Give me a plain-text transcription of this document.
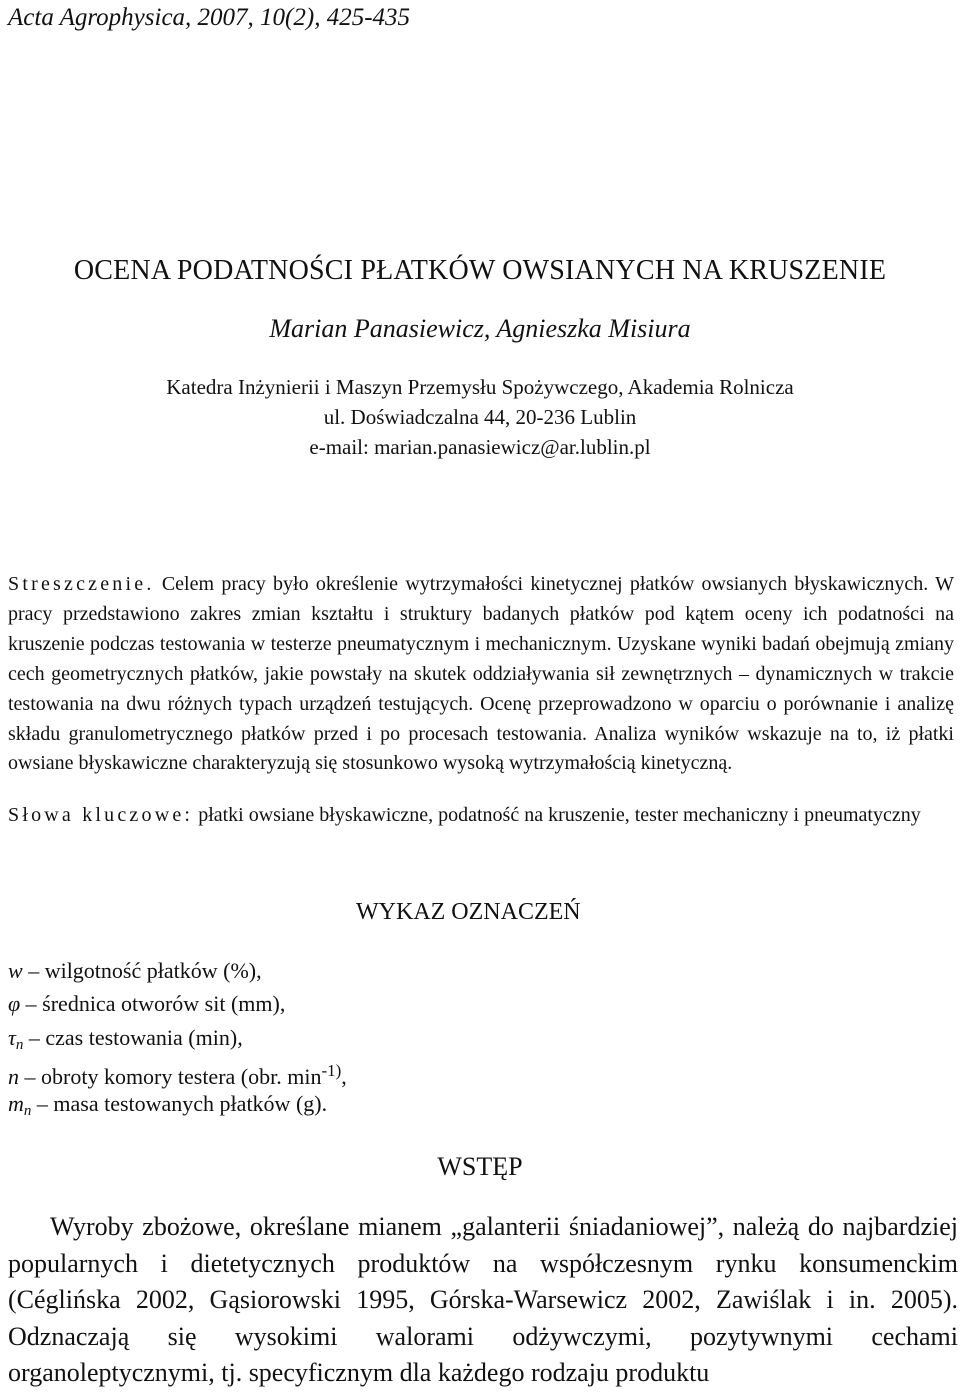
Acta Agrophysica, 2007, 10(2), 425-435
OCENA PODATNOŚCI PŁATKÓW OWSIANYCH NA KRUSZENIE
Marian Panasiewicz, Agnieszka Misiura
Katedra Inżynierii i Maszyn Przemysłu Spożywczego, Akademia Rolnicza
ul. Doświadczalna 44, 20-236 Lublin
e-mail: marian.panasiewicz@ar.lublin.pl
Streszczenie. Celem pracy było określenie wytrzymałości kinetycznej płatków owsianych błyskawicznych. W pracy przedstawiono zakres zmian kształtu i struktury badanych płatków pod kątem oceny ich podatności na kruszenie podczas testowania w testerze pneumatycznym i mechanicznym. Uzyskane wyniki badań obejmują zmiany cech geometrycznych płatków, jakie powstały na skutek oddziaływania sił zewnętrznych – dynamicznych w trakcie testowania na dwu różnych typach urządzeń testujących. Ocenę przeprowadzono w oparciu o porównanie i analizę składu granulometrycznego płatków przed i po procesach testowania. Analiza wyników wskazuje na to, iż płatki owsiane błyskawiczne charakteryzują się stosunkowo wysoką wytrzymałością kinetyczną.
Słowa kluczowe: płatki owsiane błyskawiczne, podatność na kruszenie, tester mechaniczny i pneumatyczny
WYKAZ OZNACZEŃ
w – wilgotność płatków (%),
φ – średnica otworów sit (mm),
$\tau_n$ – czas testowania (min),
n – obroty komory testera (obr. $\min^{-1)}$,
$m_n$ – masa testowanych płatków (g).
WSTĘP

Wyroby zbożowe, określane mianem „galanterii śniadaniowej”, należą do najbardziej popularnych i dietetycznych produktów na współczesnym rynku konsumenckim (Céglińska 2002, Gąsiorowski 1995, Górska-Warsewicz 2002, Zawiślak i in. 2005). Odznaczają się wysokimi walorami odżywczymi, pozytywnymi cechami organoleptycznymi, tj. specyficznym dla każdego rodzaju produktu
